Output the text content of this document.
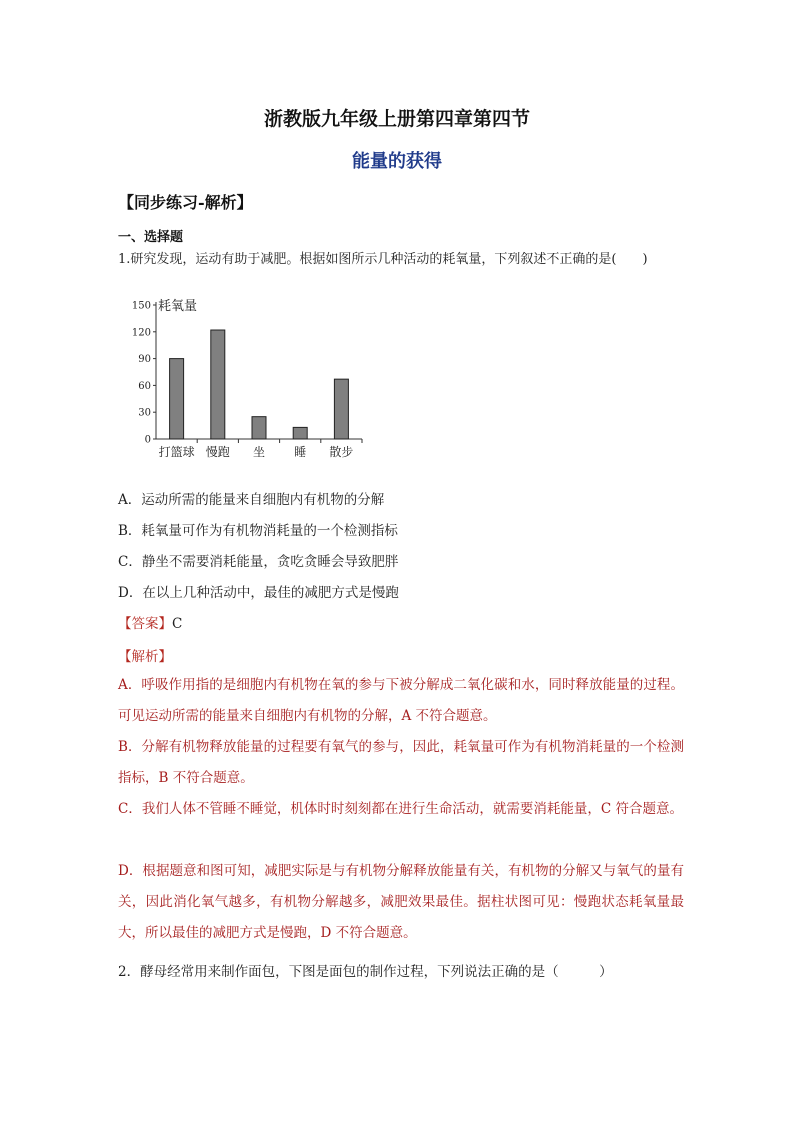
浙教版九年级上册第四章第四节
能量的获得
【同步练习-解析】
一、选择题
1.研究发现，运动有助于减肥。根据如图所示几种活动的耗氧量，下列叙述不正确的是(　　)
0
30
60
90
120
150 耗氧量
打篮球 慢跑 坐 睡 散步
A．运动所需的能量来自细胞内有机物的分解
B．耗氧量可作为有机物消耗量的一个检测指标
C．静坐不需要消耗能量，贪吃贪睡会导致肥胖
D．在以上几种活动中，最佳的减肥方式是慢跑
【答案】C
【解析】
A．呼吸作用指的是细胞内有机物在氧的参与下被分解成二氧化碳和水，同时释放能量的过程。可见运动所需的能量来自细胞内有机物的分解，A 不符合题意。
B．分解有机物释放能量的过程要有氧气的参与，因此，耗氧量可作为有机物消耗量的一个检测指标，B 不符合题意。
C．我们人体不管睡不睡觉，机体时时刻刻都在进行生命活动，就需要消耗能量，C 符合题意。
D．根据题意和图可知，减肥实际是与有机物分解释放能量有关，有机物的分解又与氧气的量有关，因此消化氧气越多，有机物分解越多，减肥效果最佳。据柱状图可见：慢跑状态耗氧量最大，所以最佳的减肥方式是慢跑，D 不符合题意。
2．酵母经常用来制作面包，下图是面包的制作过程，下列说法正确的是（　　　）
